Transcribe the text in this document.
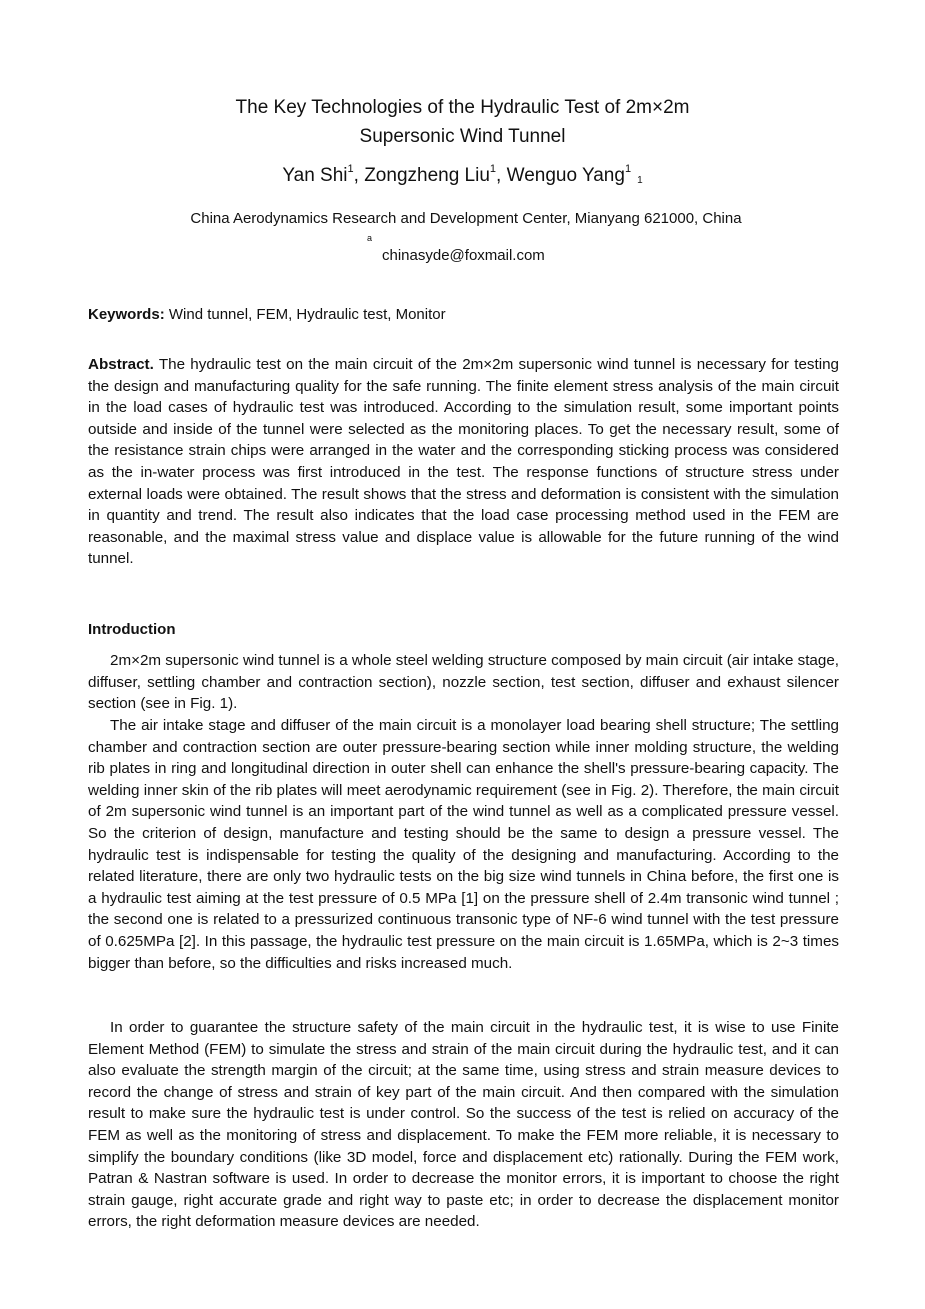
The Key Technologies of the Hydraulic Test of 2m×2m
Supersonic Wind Tunnel
Yan Shi$^1$, Zongzheng Liu$^1$, Wenguo Yang$^1$1
China Aerodynamics Research and Development Center, Mianyang 621000, China
a
chinasyde@foxmail.com
Keywords: Wind tunnel, FEM, Hydraulic test, Monitor

Abstract. The hydraulic test on the main circuit of the 2m×2m supersonic wind tunnel is necessary for testing the design and manufacturing quality for the safe running. The finite element stress analysis of the main circuit in the load cases of hydraulic test was introduced. According to the simulation result, some important points outside and inside of the tunnel were selected as the monitoring places. To get the necessary result, some of the resistance strain chips were arranged in the water and the corresponding sticking process was considered as the in-water process was first introduced in the test. The response functions of structure stress under external loads were obtained. The result shows that the stress and deformation is consistent with the simulation in quantity and trend. The result also indicates that the load case processing method used in the FEM are reasonable, and the maximal stress value and displace value is allowable for the future running of the wind tunnel.

Introduction

2m×2m supersonic wind tunnel is a whole steel welding structure composed by main circuit (air intake stage, diffuser, settling chamber and contraction section), nozzle section, test section, diffuser and exhaust silencer section (see in Fig. 1).

The air intake stage and diffuser of the main circuit is a monolayer load bearing shell structure; The settling chamber and contraction section are outer pressure-bearing section while inner molding structure, the welding rib plates in ring and longitudinal direction in outer shell can enhance the shell's pressure-bearing capacity. The welding inner skin of the rib plates will meet aerodynamic requirement (see in Fig. 2). Therefore, the main circuit of 2m supersonic wind tunnel is an important part of the wind tunnel as well as a complicated pressure vessel. So the criterion of design, manufacture and testing should be the same to design a pressure vessel. The hydraulic test is indispensable for testing the quality of the designing and manufacturing. According to the related literature, there are only two hydraulic tests on the big size wind tunnels in China before, the first one is a hydraulic test aiming at the test pressure of 0.5 MPa [1] on the pressure shell of 2.4m transonic wind tunnel ; the second one is related to a pressurized continuous transonic type of NF-6 wind tunnel with the test pressure of 0.625MPa [2]. In this passage, the hydraulic test pressure on the main circuit is 1.65MPa, which is 2~3 times bigger than before, so the difficulties and risks increased much.

In order to guarantee the structure safety of the main circuit in the hydraulic test, it is wise to use Finite Element Method (FEM) to simulate the stress and strain of the main circuit during the hydraulic test, and it can also evaluate the strength margin of the circuit; at the same time, using stress and strain measure devices to record the change of stress and strain of key part of the main circuit. And then compared with the simulation result to make sure the hydraulic test is under control. So the success of the test is relied on accuracy of the FEM as well as the monitoring of stress and displacement. To make the FEM more reliable, it is necessary to simplify the boundary conditions (like 3D model, force and displacement etc) rationally. During the FEM work, Patran & Nastran software is used. In order to decrease the monitor errors, it is important to choose the right strain gauge, right accurate grade and right way to paste etc; in order to decrease the displacement monitor errors, the right deformation measure devices are needed.
